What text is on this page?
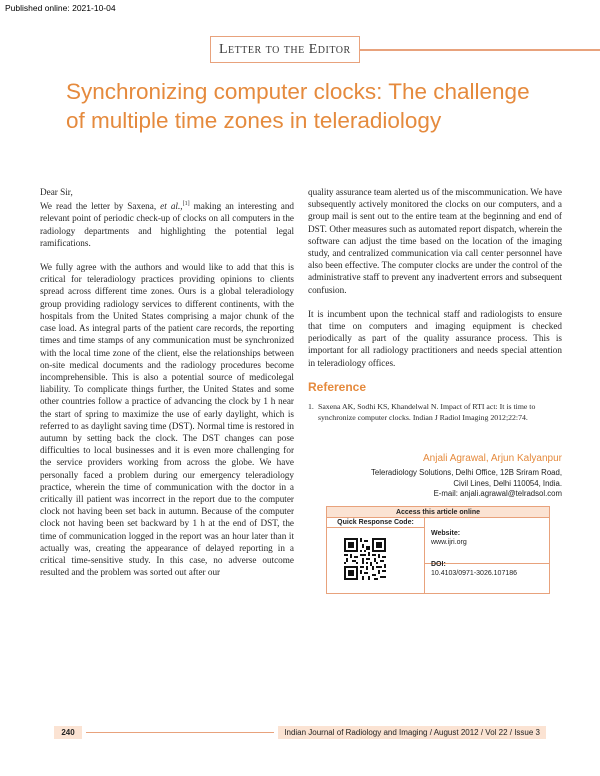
Published online: 2021-10-04
Letter to the Editor
Synchronizing computer clocks: The challenge of multiple time zones in teleradiology

Dear Sir,

We read the letter by Saxena, et al.,[1] making an interesting and relevant point of periodic check-up of clocks on all computers in the radiology departments and highlighting the potential legal ramifications.

We fully agree with the authors and would like to add that this is critical for teleradiology practices providing opinions to clients spread across different time zones. Ours is a global teleradiology group providing radiology services to different continents, with the hospitals from the United States comprising a major chunk of the case load. As integral parts of the patient care records, the reporting times and time stamps of any communication must be synchronized with the local time zone of the client, else the relationships between on-site medical documents and the radiology procedures become incomprehensible. This is also a potential source of medicolegal liability. To complicate things further, the United States and some other countries follow a practice of advancing the clock by 1 h near the start of spring to maximize the use of early daylight, which is referred to as daylight saving time (DST). Normal time is restored in autumn by setting back the clock. The DST changes can pose difficulties to local businesses and it is even more challenging for the service providers working from across the globe. We have personally faced a problem during our emergency teleradiology practice, wherein the time of communication with the doctor in a critically ill patient was incorrect in the report due to the computer clock not having been set back in autumn. Because of the computer clock not having been set backward by 1 h at the end of DST, the time of communication logged in the report was an hour later than it actually was, creating the appearance of delayed reporting in a critical time-sensitive study. In this case, no adverse outcome resulted and the problem was sorted out after our

quality assurance team alerted us of the miscommunication. We have subsequently actively monitored the clocks on our computers, and a group mail is sent out to the entire team at the beginning and end of DST. Other measures such as automated report dispatch, wherein the software can adjust the time based on the location of the imaging study, and centralized communication via call center personnel have also been effective. The computer clocks are under the control of the administrative staff to prevent any inadvertent errors and subsequent confusion.

It is incumbent upon the technical staff and radiologists to ensure that time on computers and imaging equipment is checked periodically as part of the quality assurance process. This is important for all radiology practitioners and needs special attention in teleradiology offices.

Reference
1. Saxena AK, Sodhi KS, Khandelwal N. Impact of RTI act: It is time to synchronize computer clocks. Indian J Radiol Imaging 2012;22:74.
Anjali Agrawal, Arjun Kalyanpur
Teleradiology Solutions, Delhi Office, 12B Sriram Road,
Civil Lines, Delhi 110054, India.
E-mail: anjali.agrawal@telradsol.com
Access this article online
Quick Response Code:
Website:
www.ijri.org
DOI:
10.4103/0971-3026.107186
240	Indian Journal of Radiology and Imaging / August 2012 / Vol 22 / Issue 3
